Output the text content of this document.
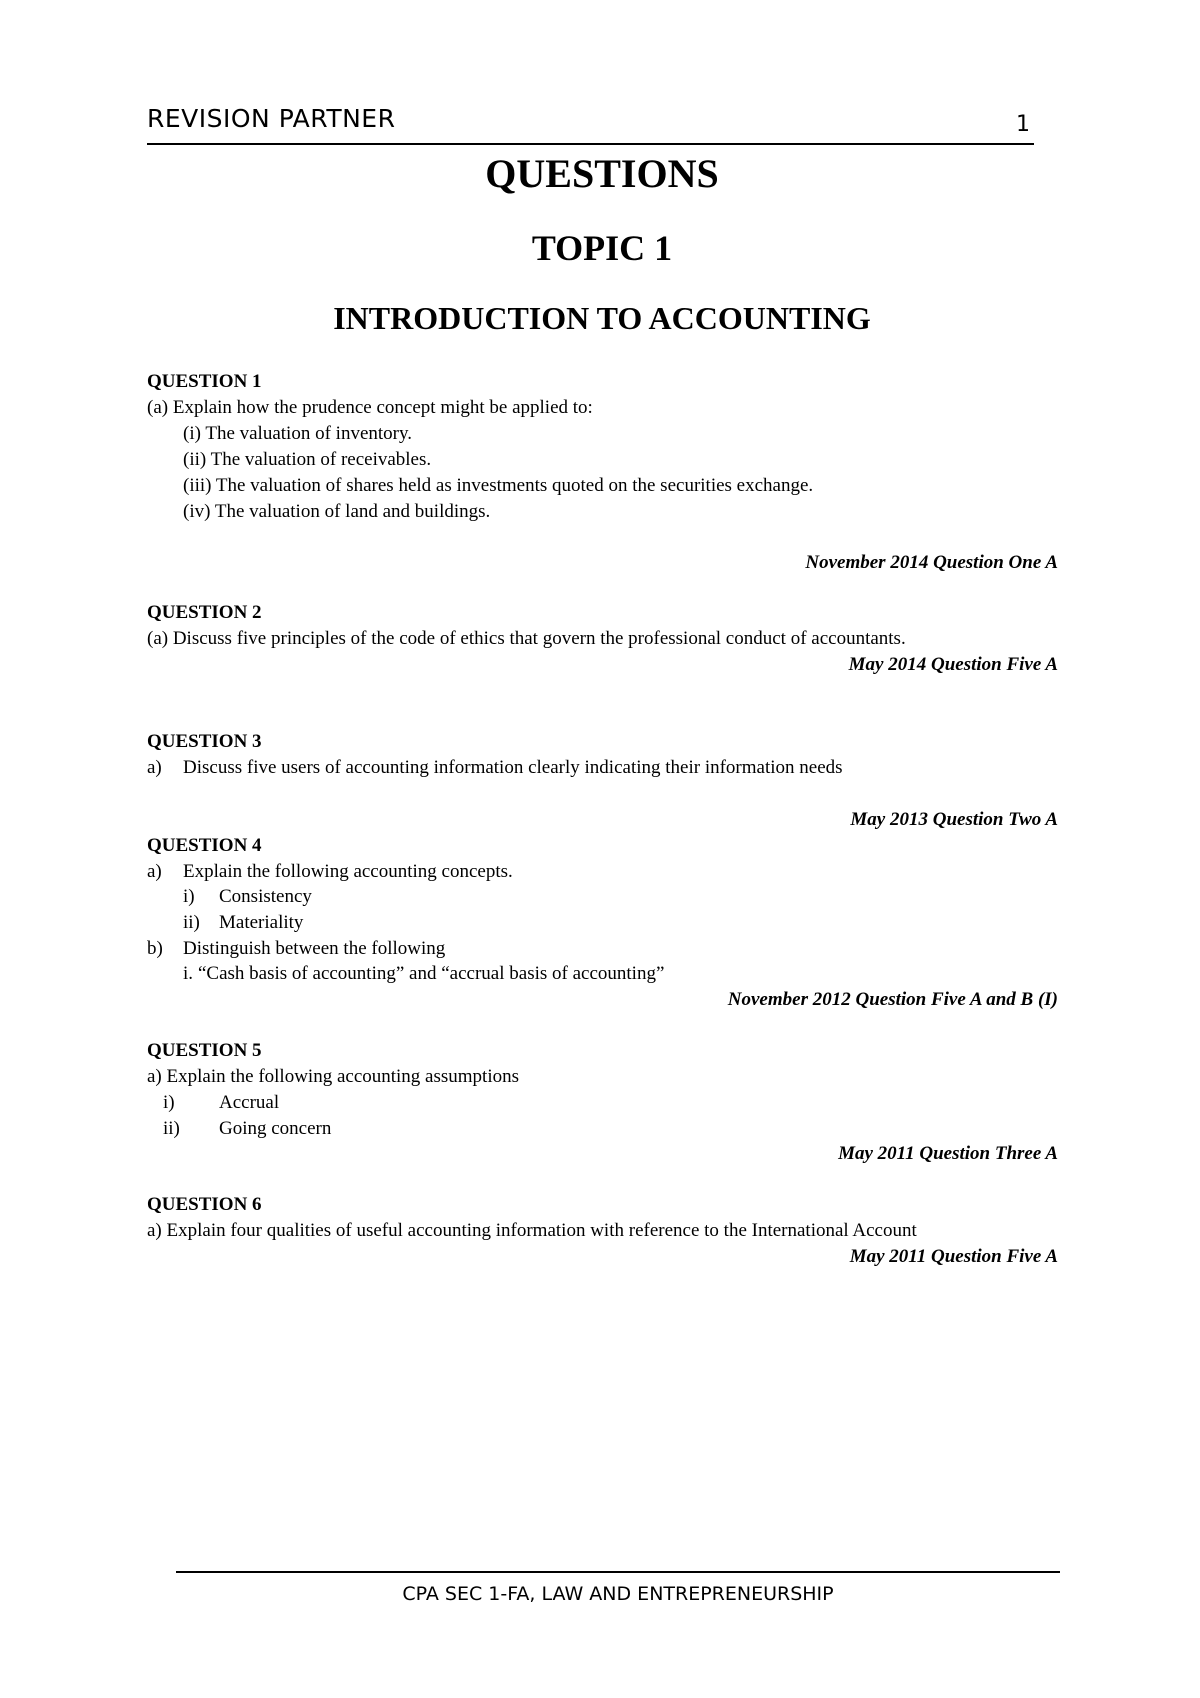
REVISION PARTNER	1
QUESTIONS
TOPIC 1
INTRODUCTION TO ACCOUNTING
QUESTION 1
(a) Explain how the prudence concept might be applied to:
(i) The valuation of inventory.
(ii) The valuation of receivables.
(iii) The valuation of shares held as investments quoted on the securities exchange.
(iv) The valuation of land and buildings.
November 2014 Question One A
QUESTION 2
(a) Discuss five principles of the code of ethics that govern the professional conduct of accountants.
May 2014 Question Five A
QUESTION 3
a) Discuss five users of accounting information clearly indicating their information needs
May 2013 Question Two A
QUESTION 4
a) Explain the following accounting concepts.
i) Consistency
ii) Materiality
b) Distinguish between the following
i. “Cash basis of accounting” and “accrual basis of accounting”
November 2012 Question Five A and B (I)
QUESTION 5
a) Explain the following accounting assumptions
i) Accrual
ii) Going concern
May 2011 Question Three A
QUESTION 6
a) Explain four qualities of useful accounting information with reference to the International Account
May 2011 Question Five A
CPA SEC 1-FA, LAW AND ENTREPRENEURSHIP
